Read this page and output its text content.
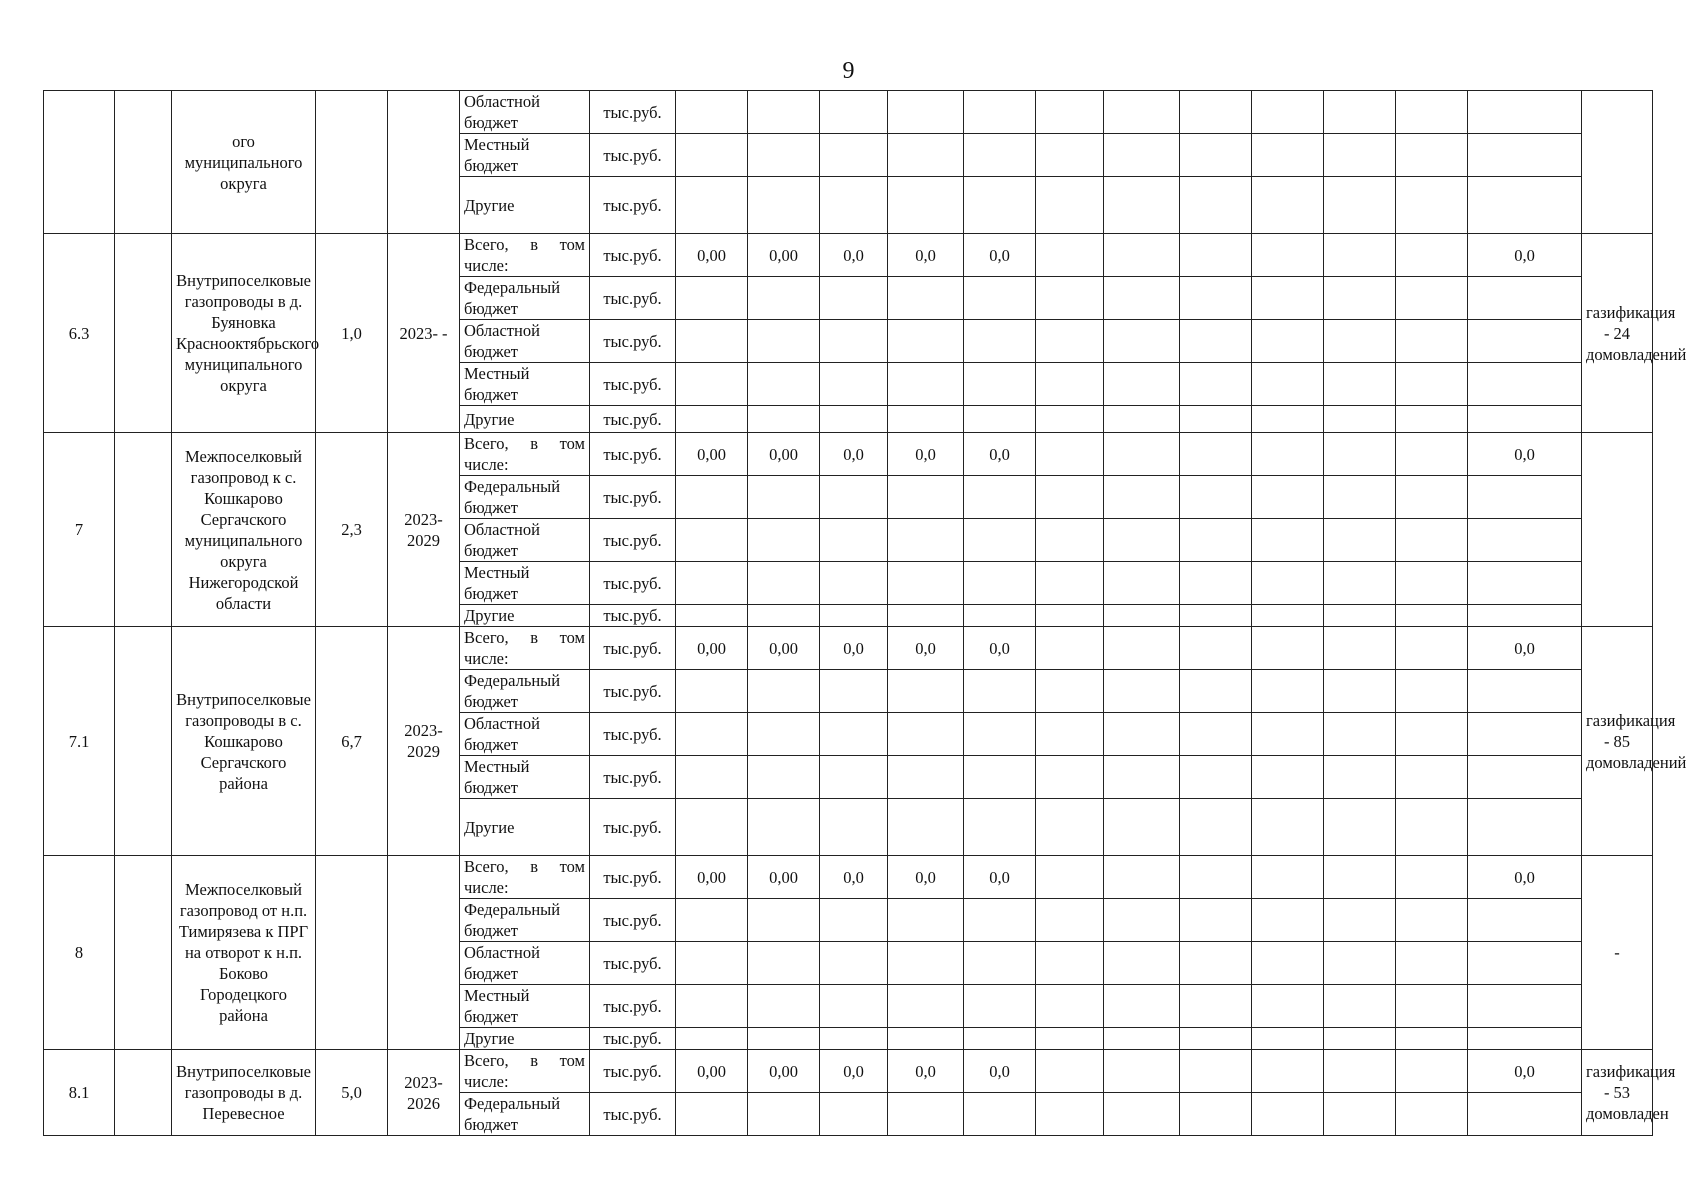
9
		ого муниципального округа			Областной бюджет	тыс.руб.													
					Местный бюджет	тыс.руб.													
					Другие	тыс.руб.													
6.3		Внутрипоселковые газопроводы в д. Буяновка Краснооктябрьского муниципального округа	1,0	2023- -	Всего, в том числе:	тыс.руб.	0,00	0,00	0,0	0,0	0,0							0,0	газификация - 24 домовладений
					Федеральный бюджет	тыс.руб.													
					Областной бюджет	тыс.руб.													
					Местный бюджет	тыс.руб.													
					Другие	тыс.руб.													
7		Межпоселковый газопровод к с. Кошкарово Сергачского муниципального округа Нижегородской области	2,3	2023-2029	Всего, в том числе:	тыс.руб.	0,00	0,00	0,0	0,0	0,0							0,0	
					Федеральный бюджет	тыс.руб.													
					Областной бюджет	тыс.руб.													
					Местный бюджет	тыс.руб.													
					Другие	тыс.руб.													
7.1		Внутрипоселковые газопроводы в с. Кошкарово Сергачского района	6,7	2023-2029	Всего, в том числе:	тыс.руб.	0,00	0,00	0,0	0,0	0,0							0,0	газификация - 85 домовладений
					Федеральный бюджет	тыс.руб.													
					Областной бюджет	тыс.руб.													
					Местный бюджет	тыс.руб.													
					Другие	тыс.руб.													
8		Межпоселковый газопровод от н.п. Тимирязева к ПРГ на отворот к н.п. Боково Городецкого района			Всего, в том числе:	тыс.руб.	0,00	0,00	0,0	0,0	0,0							0,0	-
					Федеральный бюджет	тыс.руб.													
					Областной бюджет	тыс.руб.													
					Местный бюджет	тыс.руб.													
					Другие	тыс.руб.													
8.1		Внутрипоселковые газопроводы в д. Перевесное	5,0	2023-2026	Всего, в том числе:	тыс.руб.	0,00	0,00	0,0	0,0	0,0							0,0	газификация - 53 домовладен
					Федеральный бюджет	тыс.руб.													
